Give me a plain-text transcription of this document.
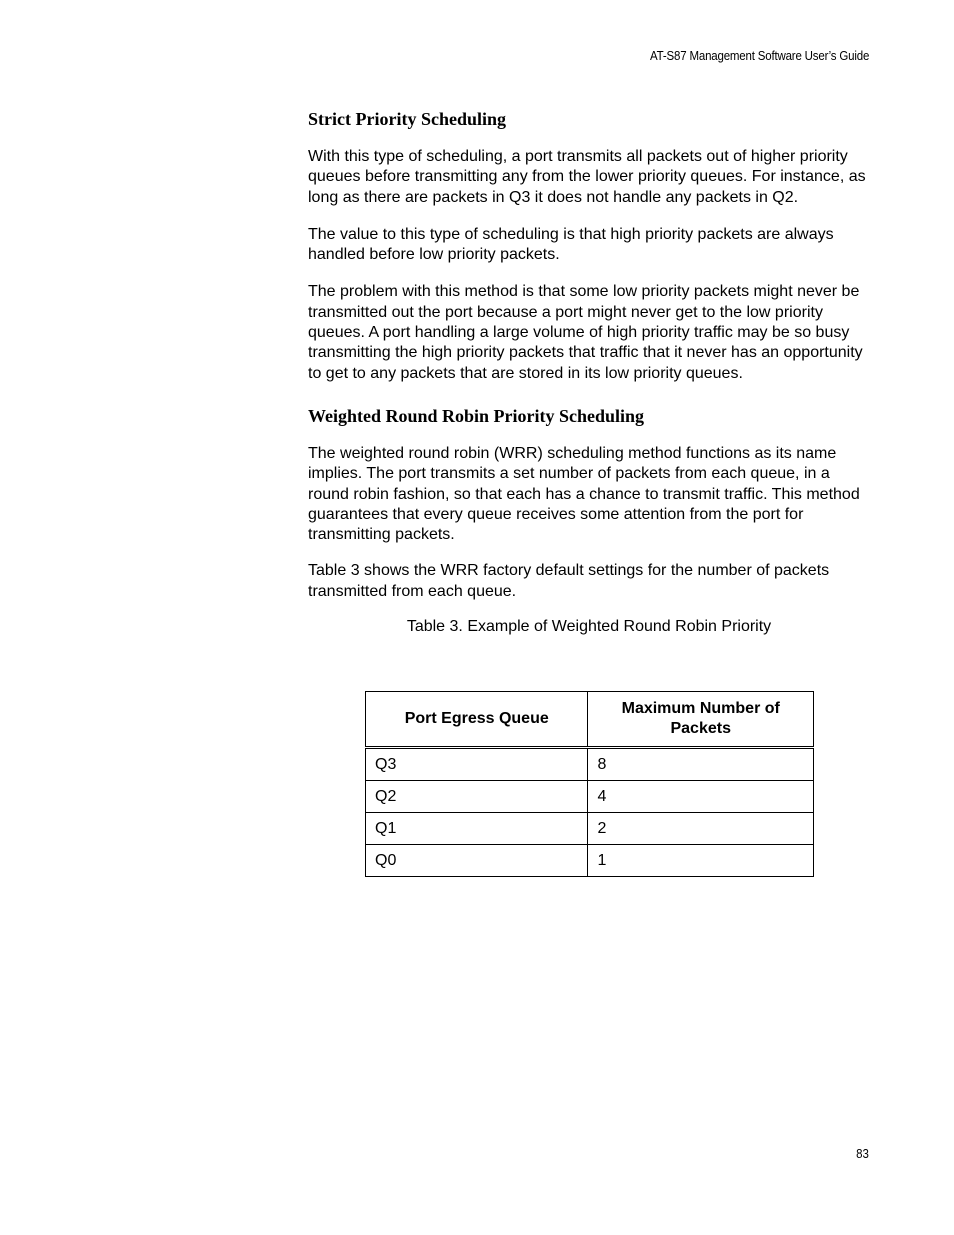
AT-S87 Management Software User’s Guide
Strict Priority Scheduling

With this type of scheduling, a port transmits all packets out of higher priority queues before transmitting any from the lower priority queues. For instance, as long as there are packets in Q3 it does not handle any packets in Q2.

The value to this type of scheduling is that high priority packets are always handled before low priority packets.

The problem with this method is that some low priority packets might never be transmitted out the port because a port might never get to the low priority queues. A port handling a large volume of high priority traffic may be so busy transmitting the high priority packets that traffic that it never has an opportunity to get to any packets that are stored in its low priority queues.

Weighted Round Robin Priority Scheduling

The weighted round robin (WRR) scheduling method functions as its name implies. The port transmits a set number of packets from each queue, in a round robin fashion, so that each has a chance to transmit traffic. This method guarantees that every queue receives some attention from the port for transmitting packets.

Table 3 shows the WRR factory default settings for the number of packets transmitted from each queue.

Table 3. Example of Weighted Round Robin Priority
Port Egress Queue	Maximum Number of Packets
Q3	8
Q2	4
Q1	2
Q0	1
83
